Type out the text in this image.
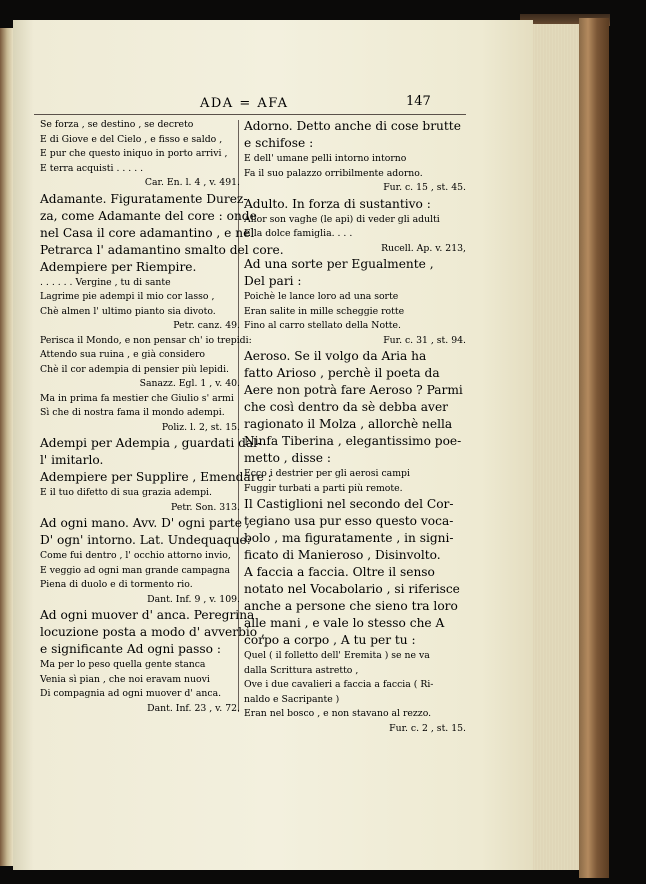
ADA = AFA	147
Se forza , se destino , se decreto
E di Giove e del Cielo , e fisso e saldo ,
E pur che questo iniquo in porto arrivi ,
E terra acquisti . . . . .
Car. En. l. 4 , v. 491.
Adamante. Figuratamente Durez-
za, come Adamante del core : onde
nel Casa il core adamantino , e nel
Petrarca l' adamantino smalto del core.
Adempiere per Riempire.
. . . . . . Vergine , tu di sante
Lagrime pie adempi il mio cor lasso ,
Chè almen l' ultimo pianto sia divoto.
Petr. canz. 49.
Perisca il Mondo, e non pensar ch' io trepidi:
Attendo sua ruina , e già considero
Chè il cor adempia di pensier più lepidi.
Sanazz. Egl. 1 , v. 40.
Ma in prima fa mestier che Giulio s' armi
Sì che di nostra fama il mondo adempi.
Poliz. l. 2, st. 15.
Adempi per Adempia , guardati dal-
l' imitarlo.
Adempiere per Supplire , Emendare :
E il tuo difetto di sua grazia adempi.
Petr. Son. 313.
Ad ogni mano. Avv. D' ogni parte ,
D' ogn' intorno. Lat. Undequaque:
Come fui dentro , l' occhio attorno invio,
E veggio ad ogni man grande campagna
Piena di duolo e di tormento rio.
Dant. Inf. 9 , v. 109.
Ad ogni muover d' anca. Peregrina
locuzione posta a modo d' avverbio ,
e significante Ad ogni passo :
Ma per lo peso quella gente stanca
Venia sì pian , che noi eravam nuovi
Di compagnia ad ogni muover d' anca.
Dant. Inf. 23 , v. 72.
Adorno. Detto anche di cose brutte
e schifose :
E dell' umane pelli intorno intorno
Fa il suo palazzo orribilmente adorno.
Fur. c. 15 , st. 45.
Adulto. In forza di sustantivo :
Allor son vaghe (le api) di veder gli adulti
E la dolce famiglia. . . .
Rucell. Ap. v. 213,
Ad una sorte per Egualmente ,
Del pari :
Poichè le lance loro ad una sorte
Eran salite in mille scheggie rotte
Fino al carro stellato della Notte.
Fur. c. 31 , st. 94.
Aeroso. Se il volgo da Aria ha
fatto Arioso , perchè il poeta da
Aere non potrà fare Aeroso ? Parmi
che così dentro da sè debba aver
ragionato il Molza , allorchè nella
Ninfa Tiberina , elegantissimo poe-
metto , disse :
Ecco i destrier per gli aerosi campi
Fuggir turbati a parti più remote.
Il Castiglioni nel secondo del Cor-
tegiano usa pur esso questo voca-
bolo , ma figuratamente , in signi-
ficato di Manieroso , Disinvolto.
A faccia a faccia. Oltre il senso
notato nel Vocabolario , si riferisce
anche a persone che sieno tra loro
alle mani , e vale lo stesso che A
corpo a corpo , A tu per tu :
Quel ( il folletto dell' Eremita ) se ne va
dalla Scrittura astretto ,
Ove i due cavalieri a faccia a faccia ( Ri-
naldo e Sacripante )
Eran nel bosco , e non stavano al rezzo.
Fur. c. 2 , st. 15.
